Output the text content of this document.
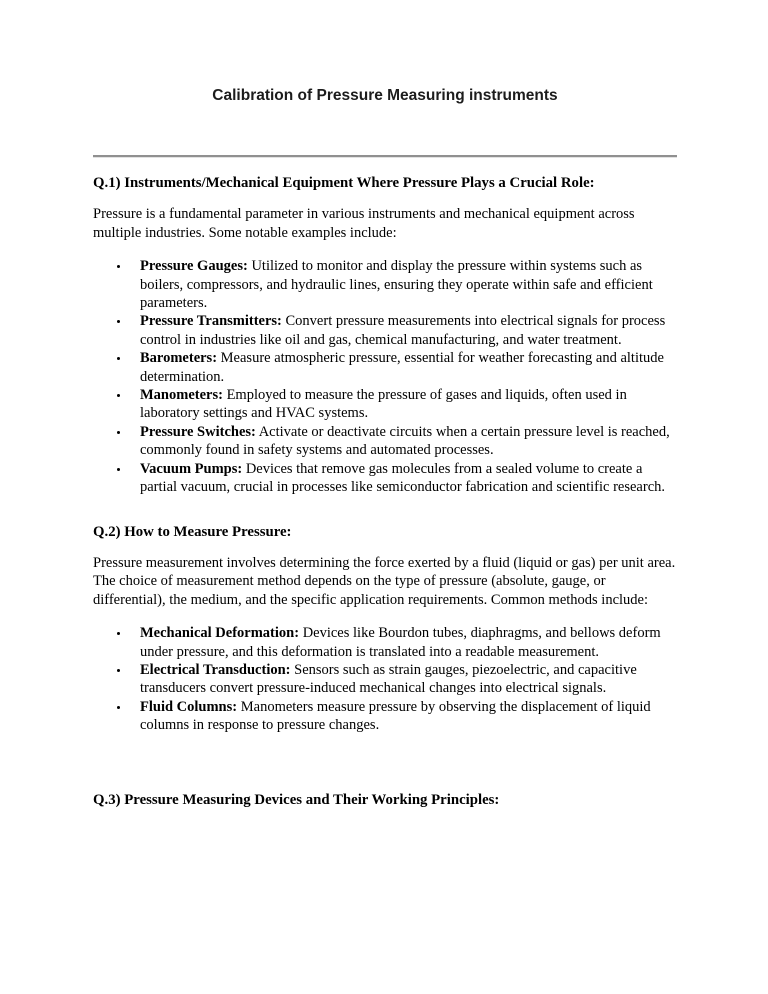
Calibration of Pressure Measuring instruments
Q.1) Instruments/Mechanical Equipment Where Pressure Plays a Crucial Role:

Pressure is a fundamental parameter in various instruments and mechanical equipment across multiple industries. Some notable examples include:

Pressure Gauges: Utilized to monitor and display the pressure within systems such as boilers, compressors, and hydraulic lines, ensuring they operate within safe and efficient parameters.
Pressure Transmitters: Convert pressure measurements into electrical signals for process control in industries like oil and gas, chemical manufacturing, and water treatment.
Barometers: Measure atmospheric pressure, essential for weather forecasting and altitude determination.
Manometers: Employed to measure the pressure of gases and liquids, often used in laboratory settings and HVAC systems.
Pressure Switches: Activate or deactivate circuits when a certain pressure level is reached, commonly found in safety systems and automated processes.
Vacuum Pumps: Devices that remove gas molecules from a sealed volume to create a partial vacuum, crucial in processes like semiconductor fabrication and scientific research.
Q.2) How to Measure Pressure:

Pressure measurement involves determining the force exerted by a fluid (liquid or gas) per unit area. The choice of measurement method depends on the type of pressure (absolute, gauge, or differential), the medium, and the specific application requirements. Common methods include:

Mechanical Deformation: Devices like Bourdon tubes, diaphragms, and bellows deform under pressure, and this deformation is translated into a readable measurement.
Electrical Transduction: Sensors such as strain gauges, piezoelectric, and capacitive transducers convert pressure-induced mechanical changes into electrical signals.
Fluid Columns: Manometers measure pressure by observing the displacement of liquid columns in response to pressure changes.
Q.3) Pressure Measuring Devices and Their Working Principles:
